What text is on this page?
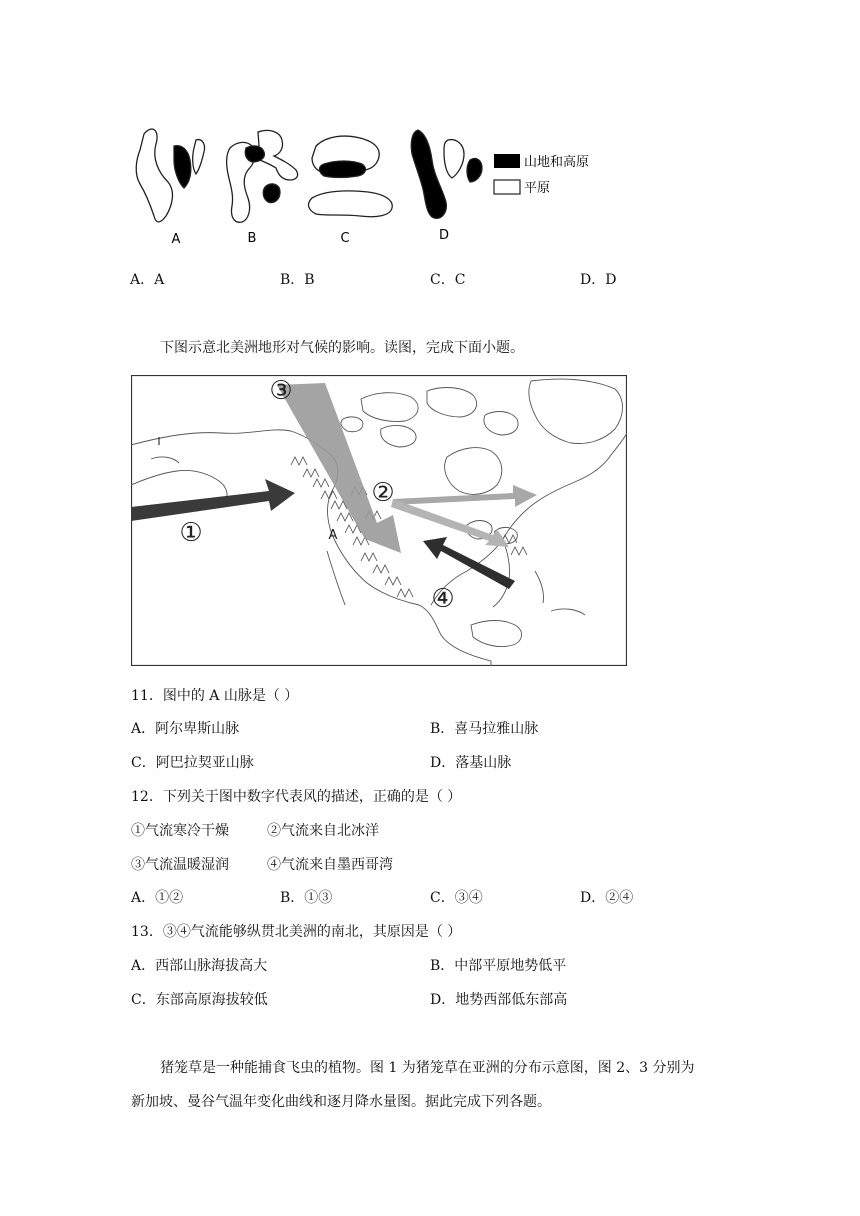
A	B	C	D
山地和高原
平原
A．A	B．B	C．C	D．D
下图示意北美洲地形对气候的影响。读图，完成下面小题。
①
②
③
④
A
I
11．图中的 A 山脉是（ ）
A．阿尔卑斯山脉	B．喜马拉雅山脉
C．阿巴拉契亚山脉	D．落基山脉
12．下列关于图中数字代表风的描述，正确的是（ ）
①气流寒冷干燥	②气流来自北冰洋
③气流温暖湿润	④气流来自墨西哥湾
A．①②	B．①③	C．③④	D．②④
13．③④气流能够纵贯北美洲的南北，其原因是（ ）
A．西部山脉海拔高大	B．中部平原地势低平
C．东部高原海拔较低	D．地势西部低东部高
猪笼草是一种能捕食飞虫的植物。图 1 为猪笼草在亚洲的分布示意图，图 2、3 分别为
新加坡、曼谷气温年变化曲线和逐月降水量图。据此完成下列各题。
